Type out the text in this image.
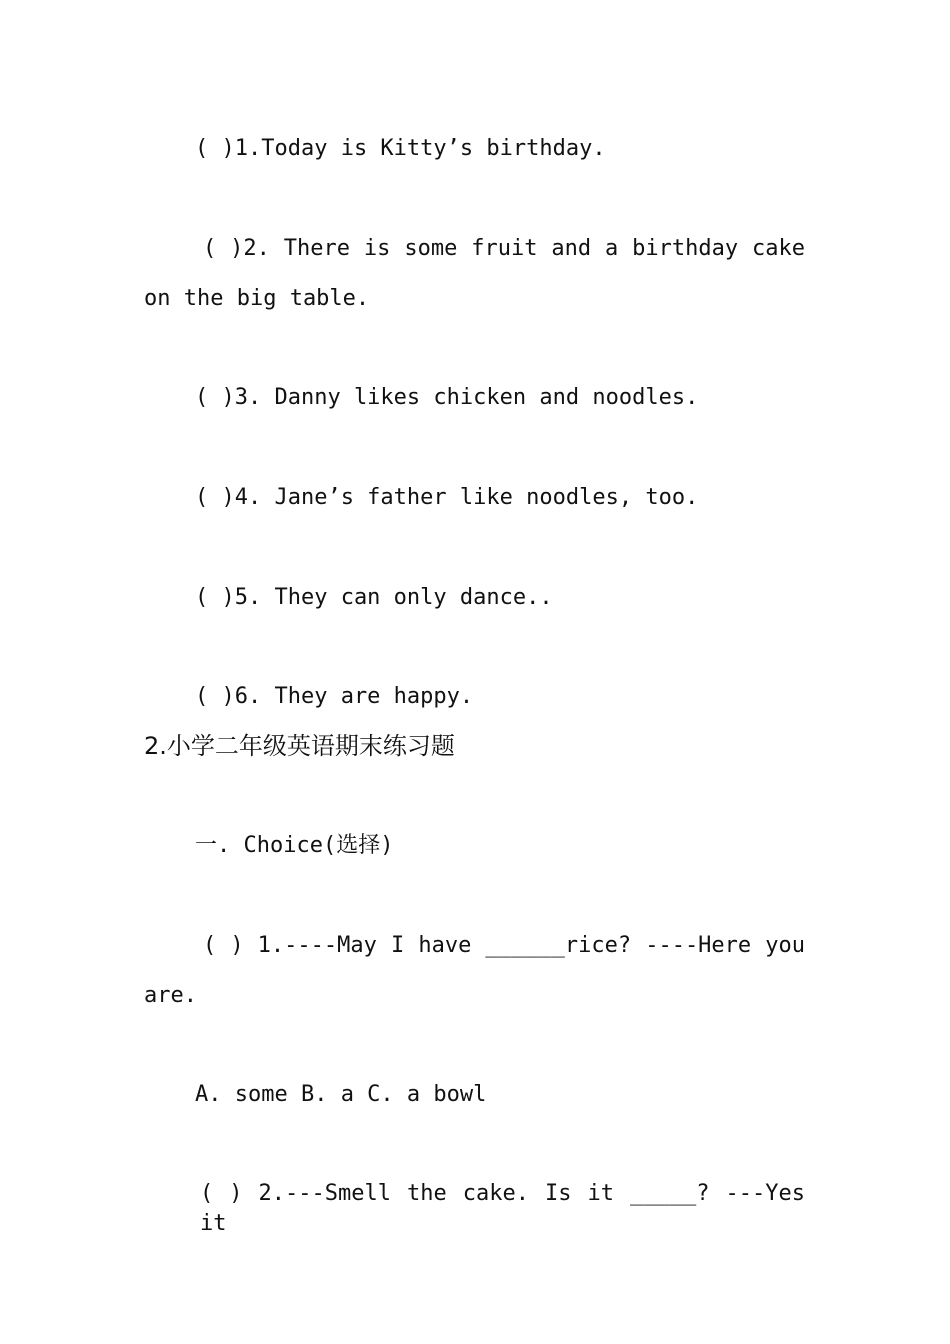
( )1.Today is Kitty’s birthday.
( )2. There is some fruit and a birthday cake
on the big table.
( )3. Danny likes chicken and noodles.
( )4. Jane’s father like noodles, too.
( )5. They can only dance..
( )6. They are happy.
2.小学二年级英语期末练习题
一. Choice(选择)
( ) 1.----May I have ______rice? ----Here you
are.
A. some B. a C. a bowl
( ) 2.---Smell the cake. Is it _____? ---Yes it
